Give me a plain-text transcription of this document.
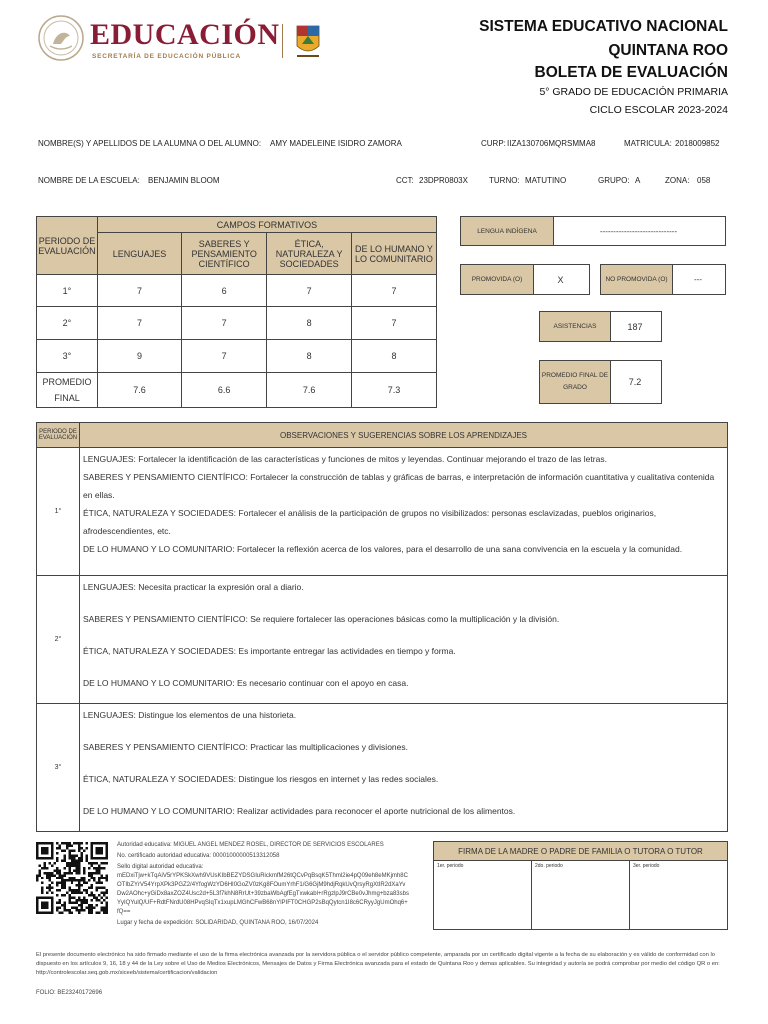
EDUCACIÓN
SECRETARÍA DE EDUCACIÓN PÚBLICA
SISTEMA EDUCATIVO NACIONAL
QUINTANA ROO
BOLETA DE EVALUACIÓN
5° GRADO DE EDUCACIÓN PRIMARIA
CICLO ESCOLAR 2023-2024
NOMBRE(S) Y APELLIDOS DE LA ALUMNA O DEL ALUMNO: AMY MADELEINE ISIDRO ZAMORA	CURP: IIZA130706MQRSMMA8	MATRICULA: 2018009852
NOMBRE DE LA ESCUELA: BENJAMIN BLOOM	CCT: 23DPR0803X	TURNO: MATUTINO	GRUPO: A	ZONA: 058
PERIODO DE EVALUACIÓN	CAMPOS FORMATIVOS			
	LENGUAJES	SABERES Y PENSAMIENTO CIENTÍFICO	ÉTICA, NATURALEZA Y SOCIEDADES	DE LO HUMANO Y LO COMUNITARIO
1°	7	6	7	7
2°	7	7	8	7
3°	9	7	8	8
PROMEDIO FINAL	7.6	6.6	7.6	7.3
LENGUA INDÍGENA	-----------------------------
PROMOVIDA (O)	X	NO PROMOVIDA (O)	---
ASISTENCIAS	187
PROMEDIO FINAL DE GRADO
7.2
PERIODO DE EVALUACIÓN	OBSERVACIONES Y SUGERENCIAS SOBRE LOS APRENDIZAJES
1°	LENGUAJES: Fortalecer la identificación de las características y funciones de mitos y leyendas. Continuar mejorando el trazo de las letras.

SABERES Y PENSAMIENTO CIENTÍFICO: Fortalecer la construcción de tablas y gráficas de barras, e interpretación de información cuantitativa y cualitativa contenida en ellas.

ÉTICA, NATURALEZA Y SOCIEDADES: Fortalecer el análisis de la participación de grupos no visibilizados: personas esclavizadas, pueblos originarios, afrodescendientes, etc.

DE LO HUMANO Y LO COMUNITARIO: Fortalecer la reflexión acerca de los valores, para el desarrollo de una sana convivencia en la escuela y la comunidad.

2°	LENGUAJES: Necesita practicar la expresión oral a diario.

SABERES Y PENSAMIENTO CIENTÍFICO: Se requiere fortalecer las operaciones básicas como la multiplicación y la división.

ÉTICA, NATURALEZA Y SOCIEDADES: Es importante entregar las actividades en tiempo y forma.

DE LO HUMANO Y LO COMUNITARIO: Es necesario continuar con el apoyo en casa.

3°	LENGUAJES: Distingue los elementos de una historieta.

SABERES Y PENSAMIENTO CIENTÍFICO: Practicar las multiplicaciones y divisiones.

ÉTICA, NATURALEZA Y SOCIEDADES: Distingue los riesgos en internet y las redes sociales.

DE LO HUMANO Y LO COMUNITARIO: Realizar actividades para reconocer el aporte nutricional de los alimentos.

Autoridad educativa: MIGUEL ANGEL MENDEZ ROSEL, DIRECTOR DE SERVICIOS ESCOLARES
No. certificado autoridad educativa: 00001000000513312058
Sello digital autoridad educativa:
mEDxiTjw+kTqAiV5rYPKSkXwh9VUsKIbBEZYDSGIuRickmfM26tQCvPqBsqK5Thml2ie4pQ09eh8eMKjmh8COTIbZYrV54YrpXPk3PGZ2/4YfogWzYD6HI0GoZV0zKg8FOumYrhF1/G6GjM9hdjRqkUvQrsyRgXtIR2dXaYvDw2AOhc+yGiDx8axZOZ4Usc2d+5L3f7khN8RrUt+39zbaWbAgfEgTxwkabl+rRgzlpJ9rCBe0vJhmg+bza83sbsYyIQYulQ/UF+RdtFNrdU08HPvqSIqTx1xupLMGhCFwB68nYlPIFT0CHGP2sBqQytcn1I8c6CRyyJgUmOhq6+fQ==
Lugar y fecha de expedición: SOLIDARIDAD, QUINTANA ROO, 16/07/2024
FIRMA DE LA MADRE O PADRE DE FAMILIA O TUTORA O TUTOR
1er. periodo	2do. periodo	3er. periodo
El presente documento electrónico ha sido firmado mediante el uso de la firma electrónica avanzada por la servidora pública o el servidor público competente, amparada por un certificado digital vigente a la fecha de su elaboración y es válido de conformidad con lo dispuesto en los artículos 9, 16, 18 y 44 de la Ley sobre el Uso de Medios Electrónicos, Mensajes de Datos y Firma Electrónica avanzada para el estado de Quintana Roo y demas aplicables. Su integridad y autoría se podrá comprobar por medio del código QR o en: http://controlescolar.seq.gob.mx/siceeb/sistema/certificacion/validacion
FOLIO: BE23240172696
